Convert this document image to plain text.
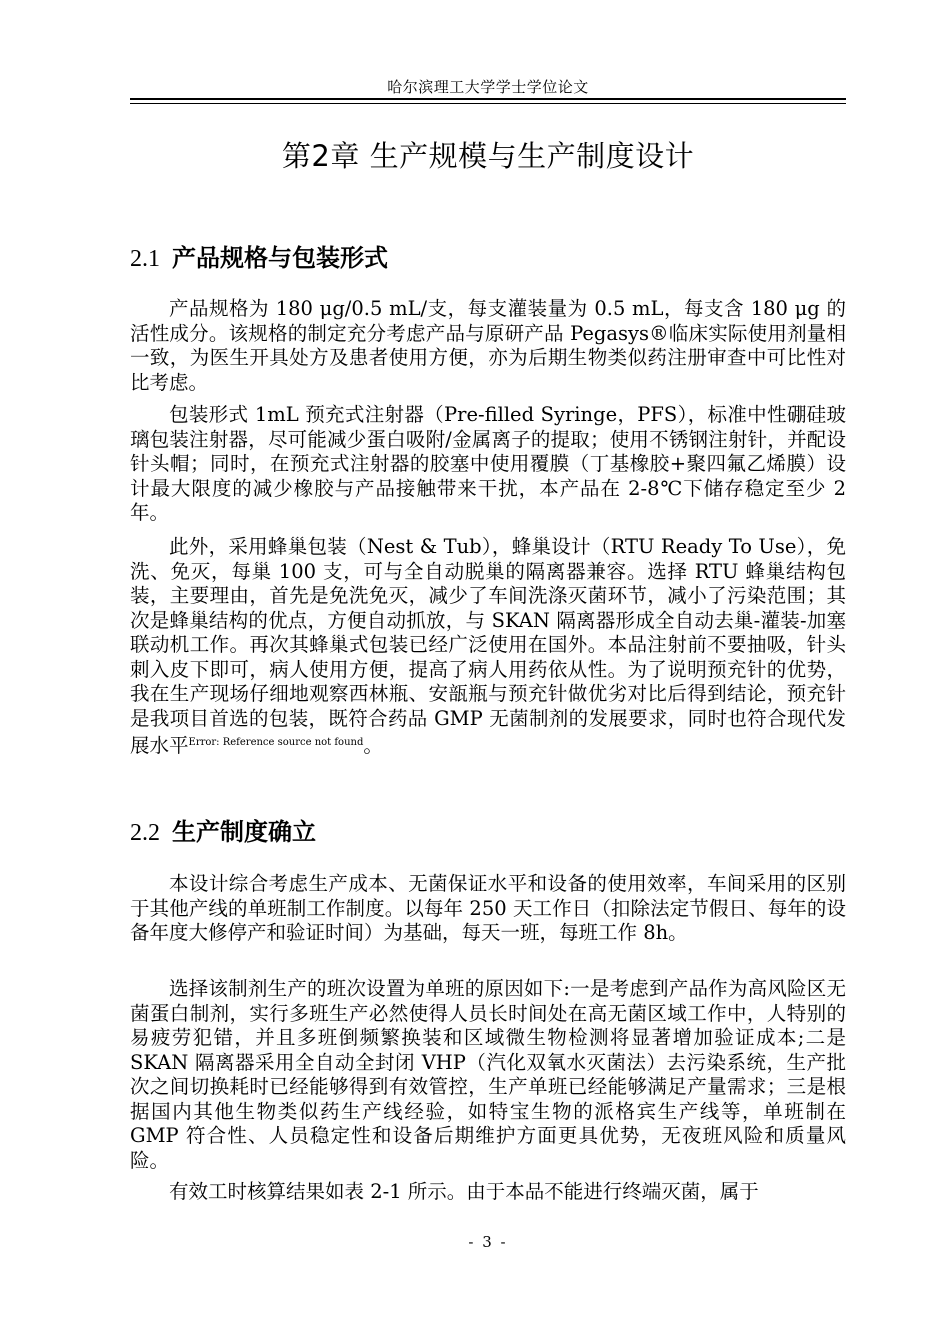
哈尔滨理工大学学士学位论文
第2章 生产规模与生产制度设计
2.1 产品规格与包装形式

产品规格为 180 μg/0.5 mL/支，每支灌装量为 0.5 mL，每支含 180 μg 的活性成分。该规格的制定充分考虑产品与原研产品 Pegasys®临床实际使用剂量相一致，为医生开具处方及患者使用方便，亦为后期生物类似药注册审查中可比性对比考虑。

包装形式 1mL 预充式注射器（Pre-filled Syringe，PFS），标准中性硼硅玻璃包装注射器，尽可能减少蛋白吸附/金属离子的提取；使用不锈钢注射针，并配设针头帽；同时，在预充式注射器的胶塞中使用覆膜（丁基橡胶+聚四氟乙烯膜）设计最大限度的减少橡胶与产品接触带来干扰，本产品在 2-8℃下储存稳定至少 2 年。

此外，采用蜂巢包装（Nest & Tub），蜂巢设计（RTU Ready To Use），免洗、免灭，每巢 100 支，可与全自动脱巢的隔离器兼容。选择 RTU 蜂巢结构包装，主要理由，首先是免洗免灭，减少了车间洗涤灭菌环节，减小了污染范围；其次是蜂巢结构的优点，方便自动抓放，与 SKAN 隔离器形成全自动去巢-灌装-加塞联动机工作。再次其蜂巢式包装已经广泛使用在国外。本品注射前不要抽吸，针头刺入皮下即可，病人使用方便，提高了病人用药依从性。为了说明预充针的优势，我在生产现场仔细地观察西林瓶、安瓿瓶与预充针做优劣对比后得到结论，预充针是我项目首选的包装，既符合药品 GMP 无菌制剂的发展要求，同时也符合现代发展水平$^{Error: Reference source not found}$。

2.2 生产制度确立

本设计综合考虑生产成本、无菌保证水平和设备的使用效率，车间采用的区别于其他产线的单班制工作制度。以每年 250 天工作日（扣除法定节假日、每年的设备年度大修停产和验证时间）为基础，每天一班，每班工作 8h。

选择该制剂生产的班次设置为单班的原因如下:一是考虑到产品作为高风险区无菌蛋白制剂，实行多班生产必然使得人员长时间处在高无菌区域工作中，人特别的易疲劳犯错，并且多班倒频繁换装和区域微生物检测将显著增加验证成本;二是 SKAN 隔离器采用全自动全封闭 VHP（汽化双氧水灭菌法）去污染系统，生产批次之间切换耗时已经能够得到有效管控，生产单班已经能够满足产量需求；三是根据国内其他生物类似药生产线经验，如特宝生物的派格宾生产线等，单班制在 GMP 符合性、人员稳定性和设备后期维护方面更具优势，无夜班风险和质量风险。

有效工时核算结果如表 2-1 所示。由于本品不能进行终端灭菌，属于

- 3 -
